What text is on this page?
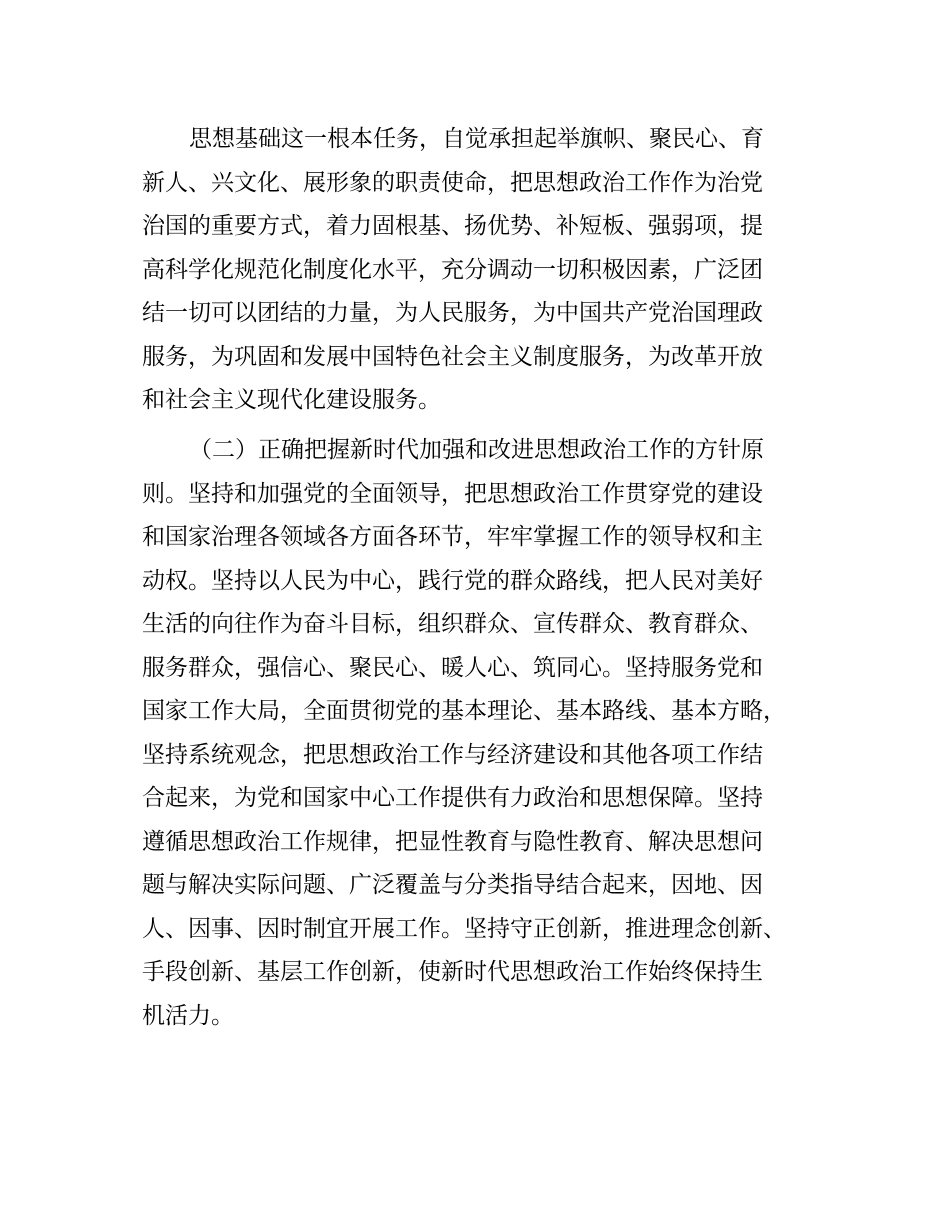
思想基础这一根本任务，自觉承担起举旗帜、聚民心、育
新人、兴文化、展形象的职责使命，把思想政治工作作为治党
治国的重要方式，着力固根基、扬优势、补短板、强弱项，提
高科学化规范化制度化水平，充分调动一切积极因素，广泛团
结一切可以团结的力量，为人民服务，为中国共产党治国理政
服务，为巩固和发展中国特色社会主义制度服务，为改革开放
和社会主义现代化建设服务。
（二）正确把握新时代加强和改进思想政治工作的方针原
则。坚持和加强党的全面领导，把思想政治工作贯穿党的建设
和国家治理各领域各方面各环节，牢牢掌握工作的领导权和主
动权。坚持以人民为中心，践行党的群众路线，把人民对美好
生活的向往作为奋斗目标，组织群众、宣传群众、教育群众、
服务群众，强信心、聚民心、暖人心、筑同心。坚持服务党和
国家工作大局，全面贯彻党的基本理论、基本路线、基本方略，
坚持系统观念，把思想政治工作与经济建设和其他各项工作结
合起来，为党和国家中心工作提供有力政治和思想保障。坚持
遵循思想政治工作规律，把显性教育与隐性教育、解决思想问
题与解决实际问题、广泛覆盖与分类指导结合起来，因地、因
人、因事、因时制宜开展工作。坚持守正创新，推进理念创新、
手段创新、基层工作创新，使新时代思想政治工作始终保持生
机活力。
